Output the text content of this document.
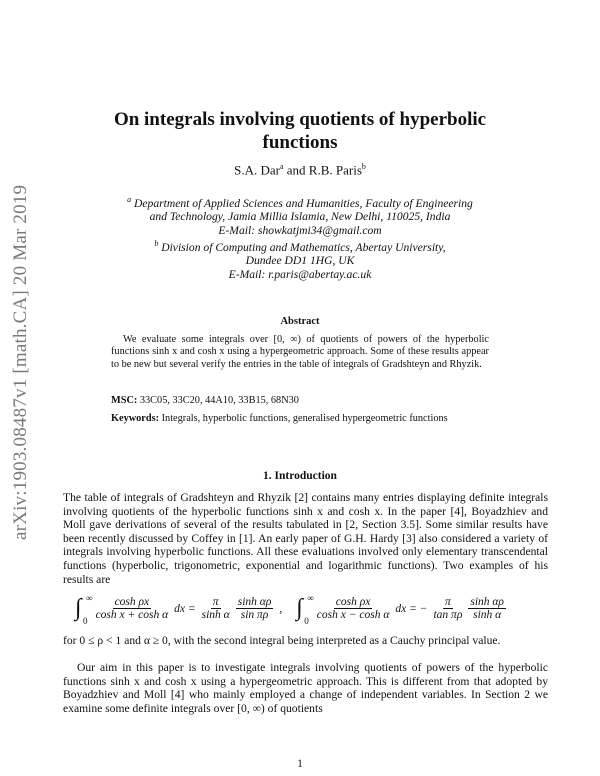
arXiv:1903.08487v1 [math.CA] 20 Mar 2019
On integrals involving quotients of hyperbolic functions
S.A. Dar$^a$ and R.B. Paris$^b$
$^a$ Department of Applied Sciences and Humanities, Faculty of Engineering
and Technology, Jamia Millia Islamia, New Delhi, 110025, India
E-Mail: showkatjmi34@gmail.com
$^b$ Division of Computing and Mathematics, Abertay University,
Dundee DD1 1HG, UK
E-Mail: r.paris@abertay.ac.uk
Abstract
We evaluate some integrals over [0, ∞) of quotients of powers of the hyperbolic functions sinh x and cosh x using a hypergeometric approach. Some of these results appear to be new but several verify the entries in the table of integrals of Gradshteyn and Rhyzik.
MSC: 33C05, 33C20, 44A10, 33B15, 68N30
Keywords: Integrals, hyperbolic functions, generalised hypergeometric functions
1. Introduction
The table of integrals of Gradshteyn and Rhyzik [2] contains many entries displaying definite integrals involving quotients of the hyperbolic functions sinh x and cosh x. In the paper [4], Boyadzhiev and Moll gave derivations of several of the results tabulated in [2, Section 3.5]. Some similar results have been recently discussed by Coffey in [1]. An early paper of G.H. Hardy [3] also considered a variety of integrals involving hyperbolic functions. All these evaluations involved only elementary transcendental functions (hyperbolic, trigonometric, exponential and logarithmic functions). Two examples of his results are
∫ ∞
$0 \frac{\text{cosh ρx}}{\text{cosh x + cosh α}}$ dx = $\frac{\pi}{\text{sinh α}} \frac{\text{sinh αρ}}{\text{sin πρ}}$ , ∫ ∞
$0 \frac{\text{cosh ρx}}{\text{cosh x − cosh α}}$ dx = − $\frac{\pi}{\text{tan πρ}} \frac{\text{sinh αρ}}{\text{sinh α}}$
for 0 ≤ ρ < 1 and α ≥ 0, with the second integral being interpreted as a Cauchy principal value.
Our aim in this paper is to investigate integrals involving quotients of powers of the hyperbolic functions sinh x and cosh x using a hypergeometric approach. This is different from that adopted by Boyadzhiev and Moll [4] who mainly employed a change of independent variables. In Section 2 we examine some definite integrals over [0, ∞) of quotients
1
